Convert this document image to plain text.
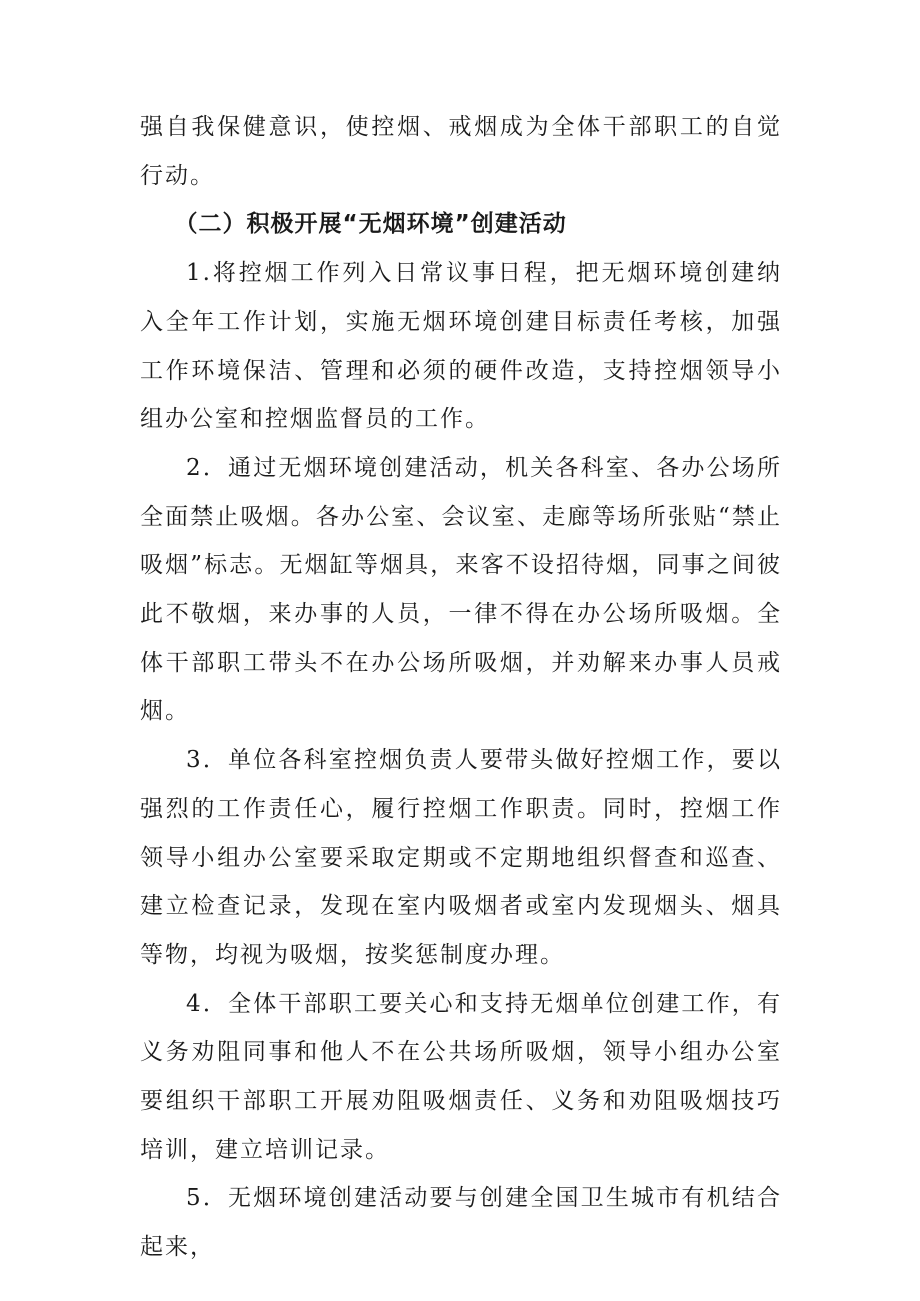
强自我保健意识，使控烟、戒烟成为全体干部职工的自觉行动。

（二）积极开展“无烟环境”创建活动

1.将控烟工作列入日常议事日程，把无烟环境创建纳入全年工作计划，实施无烟环境创建目标责任考核，加强工作环境保洁、管理和必须的硬件改造，支持控烟领导小组办公室和控烟监督员的工作。

2．通过无烟环境创建活动，机关各科室、各办公场所全面禁止吸烟。各办公室、会议室、走廊等场所张贴“禁止吸烟”标志。无烟缸等烟具，来客不设招待烟，同事之间彼此不敬烟，来办事的人员，一律不得在办公场所吸烟。全体干部职工带头不在办公场所吸烟，并劝解来办事人员戒烟。

3．单位各科室控烟负责人要带头做好控烟工作，要以强烈的工作责任心，履行控烟工作职责。同时，控烟工作领导小组办公室要采取定期或不定期地组织督查和巡查、建立检查记录，发现在室内吸烟者或室内发现烟头、烟具等物，均视为吸烟，按奖惩制度办理。

4．全体干部职工要关心和支持无烟单位创建工作，有义务劝阻同事和他人不在公共场所吸烟，领导小组办公室要组织干部职工开展劝阻吸烟责任、义务和劝阻吸烟技巧培训，建立培训记录。

5．无烟环境创建活动要与创建全国卫生城市有机结合起来，
